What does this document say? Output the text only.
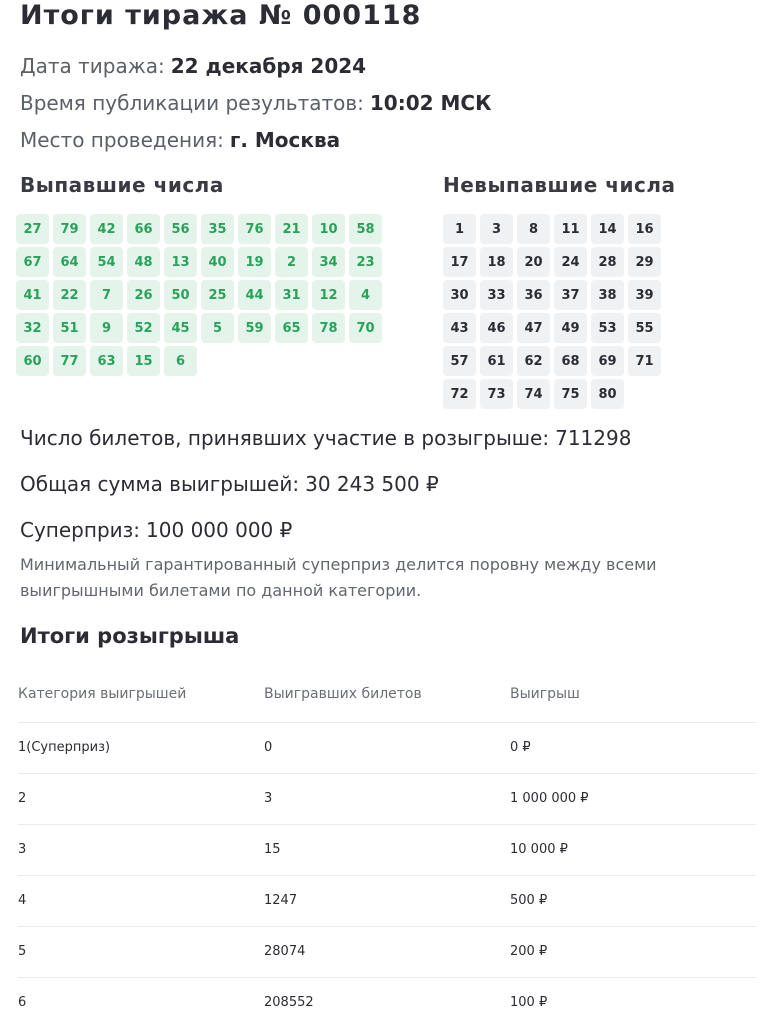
Итоги тиража № 000118
Дата тиража: 22 декабря 2024
Время публикации результатов: 10:02 МСК
Место проведения: г. Москва
Выпавшие числа
27	79	42	66	56	35	76	21	10	58
67	64	54	48	13	40	19	2	34	23
41	22	7	26	50	25	44	31	12	4
32	51	9	52	45	5	59	65	78	70
60	77	63	15	6
Невыпавшие числа
1	3	8	11	14	16
17	18	20	24	28	29
30	33	36	37	38	39
43	46	47	49	53	55
57	61	62	68	69	71
72	73	74	75	80
Число билетов, принявших участие в розыгрыше: 711298
Общая сумма выигрышей: 30 243 500 ₽
Суперприз: 100 000 000 ₽
Минимальный гарантированный суперприз делится поровну между всеми выигрышными билетами по данной категории.
Итоги розыгрыша
Категория выигрышей	Выигравших билетов	Выигрыш
1(Суперприз)	0	0 ₽
2	3	1 000 000 ₽
3	15	10 000 ₽
4	1247	500 ₽
5	28074	200 ₽
6	208552	100 ₽
